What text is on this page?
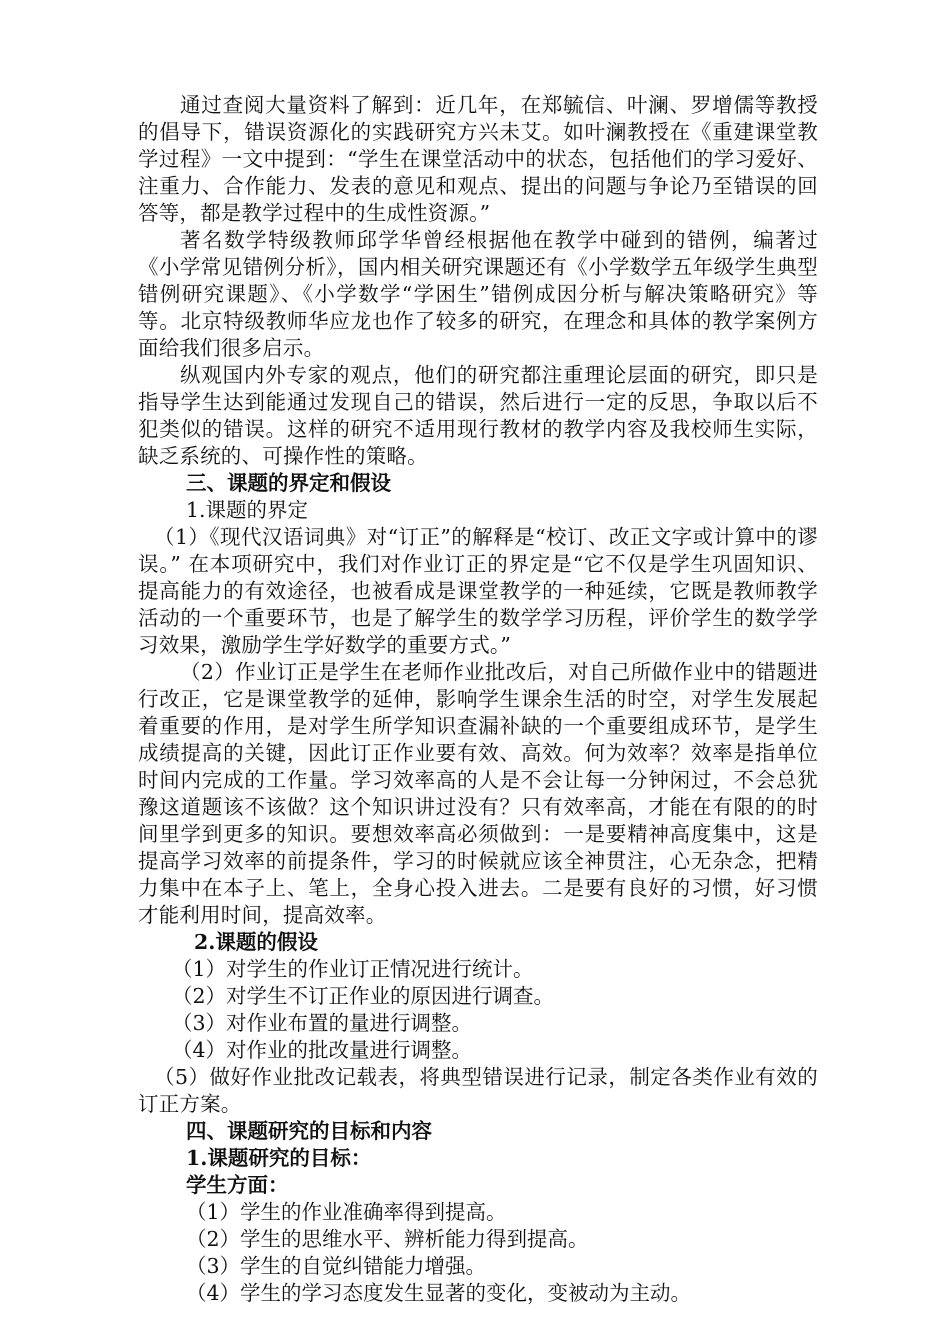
通过查阅大量资料了解到：近几年，在郑毓信、叶澜、罗增儒等教授的倡导下，错误资源化的实践研究方兴未艾。如叶澜教授在《重建课堂教学过程》一文中提到：“学生在课堂活动中的状态，包括他们的学习爱好、注重力、合作能力、发表的意见和观点、提出的问题与争论乃至错误的回答等，都是教学过程中的生成性资源。”

著名数学特级教师邱学华曾经根据他在教学中碰到的错例，编著过《小学常见错例分析》，国内相关研究课题还有《小学数学五年级学生典型错例研究课题》、《小学数学“学困生”错例成因分析与解决策略研究》等等。北京特级教师华应龙也作了较多的研究，在理念和具体的教学案例方面给我们很多启示。

纵观国内外专家的观点，他们的研究都注重理论层面的研究，即只是指导学生达到能通过发现自己的错误，然后进行一定的反思，争取以后不犯类似的错误。这样的研究不适用现行教材的教学内容及我校师生实际，缺乏系统的、可操作性的策略。

三、课题的界定和假设

1.课题的界定

（1）《现代汉语词典》对“订正”的解释是“校订、改正文字或计算中的谬误。” 在本项研究中，我们对作业订正的界定是“它不仅是学生巩固知识、提高能力的有效途径，也被看成是课堂教学的一种延续，它既是教师教学活动的一个重要环节，也是了解学生的数学学习历程，评价学生的数学学习效果，激励学生学好数学的重要方式。”

（2）作业订正是学生在老师作业批改后，对自己所做作业中的错题进行改正，它是课堂教学的延伸，影响学生课余生活的时空，对学生发展起着重要的作用，是对学生所学知识查漏补缺的一个重要组成环节，是学生成绩提高的关键，因此订正作业要有效、高效。何为效率？效率是指单位时间内完成的工作量。学习效率高的人是不会让每一分钟闲过，不会总犹豫这道题该不该做？这个知识讲过没有？只有效率高，才能在有限的的时间里学到更多的知识。要想效率高必须做到：一是要精神高度集中，这是提高学习效率的前提条件，学习的时候就应该全神贯注，心无杂念，把精力集中在本子上、笔上，全身心投入进去。二是要有良好的习惯，好习惯才能利用时间，提高效率。

2.课题的假设

（1）对学生的作业订正情况进行统计。

（2）对学生不订正作业的原因进行调查。

（3）对作业布置的量进行调整。

（4）对作业的批改量进行调整。

（5）做好作业批改记载表，将典型错误进行记录，制定各类作业有效的订正方案。

四、课题研究的目标和内容

1.课题研究的目标：

学生方面：

（1）学生的作业准确率得到提高。

（2）学生的思维水平、辨析能力得到提高。

（3）学生的自觉纠错能力增强。

（4）学生的学习态度发生显著的变化，变被动为主动。
